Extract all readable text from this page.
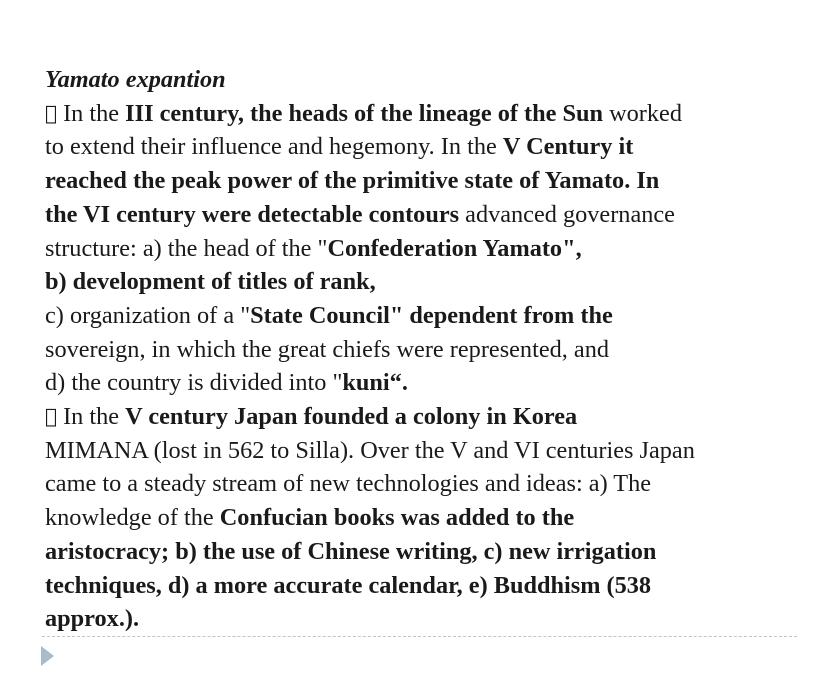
Yamato expantion
In the III century, the heads of the lineage of the Sun worked
to extend their influence and hegemony. In the V Century it
reached the peak power of the primitive state of Yamato. In
the VI century were detectable contours advanced governance
structure: a) the head of the "Confederation Yamato",
b) development of titles of rank,
c) organization of a "State Council" dependent from the
sovereign, in which the great chiefs were represented, and
d) the country is divided into "kuni“.
In the V century Japan founded a colony in Korea
MIMANA (lost in 562 to Silla). Over the V and VI centuries Japan
came to a steady stream of new technologies and ideas: a) The
knowledge of the Confucian books was added to the
aristocracy; b) the use of Chinese writing, c) new irrigation
techniques, d) a more accurate calendar, e) Buddhism (538
approx.).
